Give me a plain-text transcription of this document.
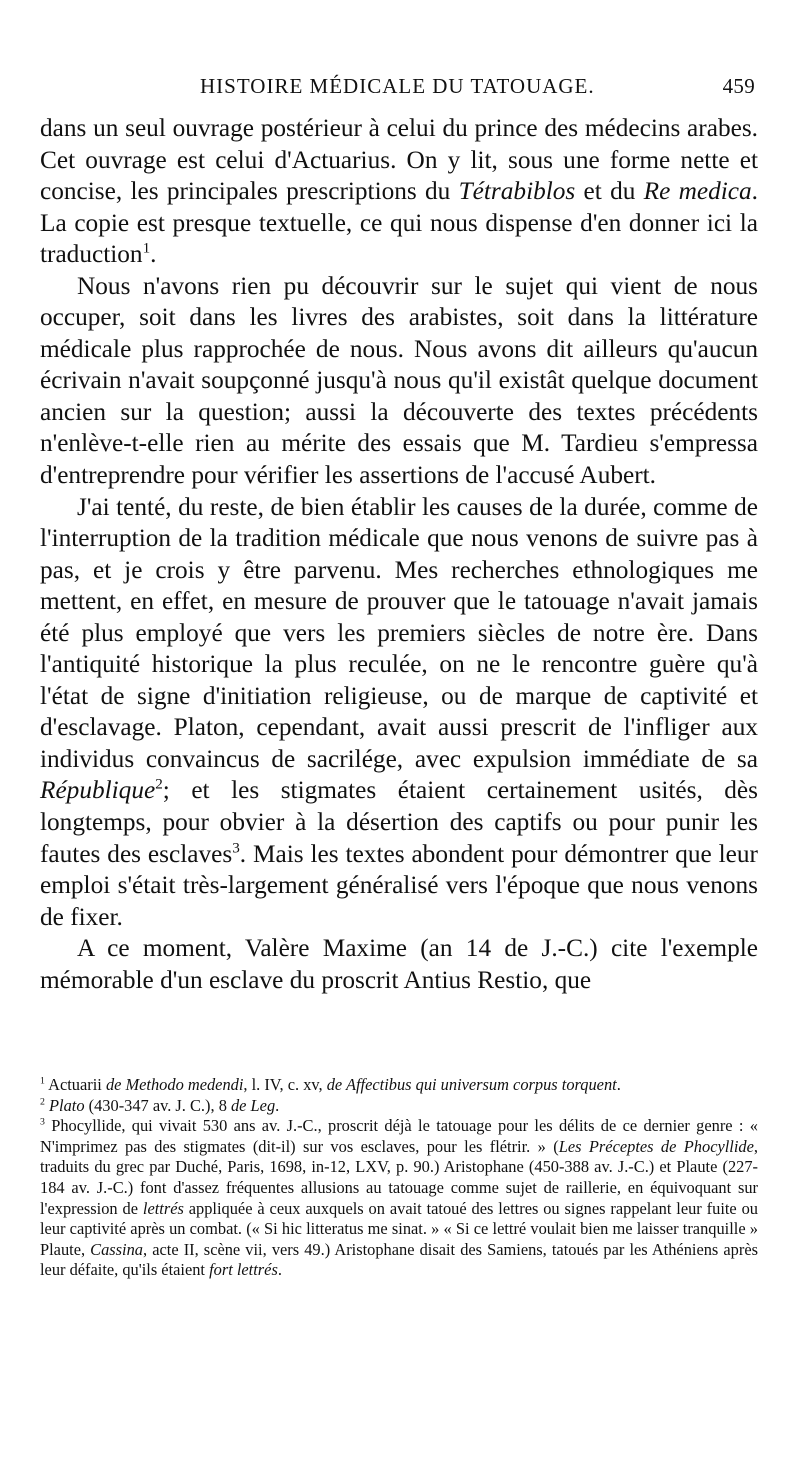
HISTOIRE MÉDICALE DU TATOUAGE.	459

dans un seul ouvrage postérieur à celui du prince des médecins arabes. Cet ouvrage est celui d'Actuarius. On y lit, sous une forme nette et concise, les principales prescriptions du Tétrabiblos et du Re medica. La copie est presque textuelle, ce qui nous dispense d'en donner ici la traduction$^1$.

Nous n'avons rien pu découvrir sur le sujet qui vient de nous occuper, soit dans les livres des arabistes, soit dans la littérature médicale plus rapprochée de nous. Nous avons dit ailleurs qu'aucun écrivain n'avait soupçonné jusqu'à nous qu'il existât quelque document ancien sur la question; aussi la découverte des textes précédents n'enlève-t-elle rien au mérite des essais que M. Tardieu s'empressa d'entreprendre pour vérifier les assertions de l'accusé Aubert.

J'ai tenté, du reste, de bien établir les causes de la durée, comme de l'interruption de la tradition médicale que nous venons de suivre pas à pas, et je crois y être parvenu. Mes recherches ethnologiques me mettent, en effet, en mesure de prouver que le tatouage n'avait jamais été plus employé que vers les premiers siècles de notre ère. Dans l'antiquité historique la plus reculée, on ne le rencontre guère qu'à l'état de signe d'initiation religieuse, ou de marque de captivité et d'esclavage. Platon, cependant, avait aussi prescrit de l'infliger aux individus convaincus de sacrilége, avec expulsion immédiate de sa République$^2$; et les stigmates étaient certainement usités, dès longtemps, pour obvier à la désertion des captifs ou pour punir les fautes des esclaves$^3$. Mais les textes abondent pour démontrer que leur emploi s'était très-largement généralisé vers l'époque que nous venons de fixer.

A ce moment, Valère Maxime (an 14 de J.-C.) cite l'exemple mémorable d'un esclave du proscrit Antius Restio, que

$^1$ Actuarii de Methodo medendi, l. IV, c. xv, de Affectibus qui universum corpus torquent.

$^2$ Plato (430-347 av. J. C.), 8 de Leg.

$^3$ Phocyllide, qui vivait 530 ans av. J.-C., proscrit déjà le tatouage pour les délits de ce dernier genre : « N'imprimez pas des stigmates (dit-il) sur vos esclaves, pour les flétrir. » (Les Préceptes de Phocyllide, traduits du grec par Duché, Paris, 1698, in-12, LXV, p. 90.) Aristophane (450-388 av. J.-C.) et Plaute (227-184 av. J.-C.) font d'assez fréquentes allusions au tatouage comme sujet de raillerie, en équivoquant sur l'expression de lettrés appliquée à ceux auxquels on avait tatoué des lettres ou signes rappelant leur fuite ou leur captivité après un combat. (« Si hic litteratus me sinat. » « Si ce lettré voulait bien me laisser tranquille » Plaute, Cassina, acte II, scène vii, vers 49.) Aristophane disait des Samiens, tatoués par les Athéniens après leur défaite, qu'ils étaient fort lettrés.
